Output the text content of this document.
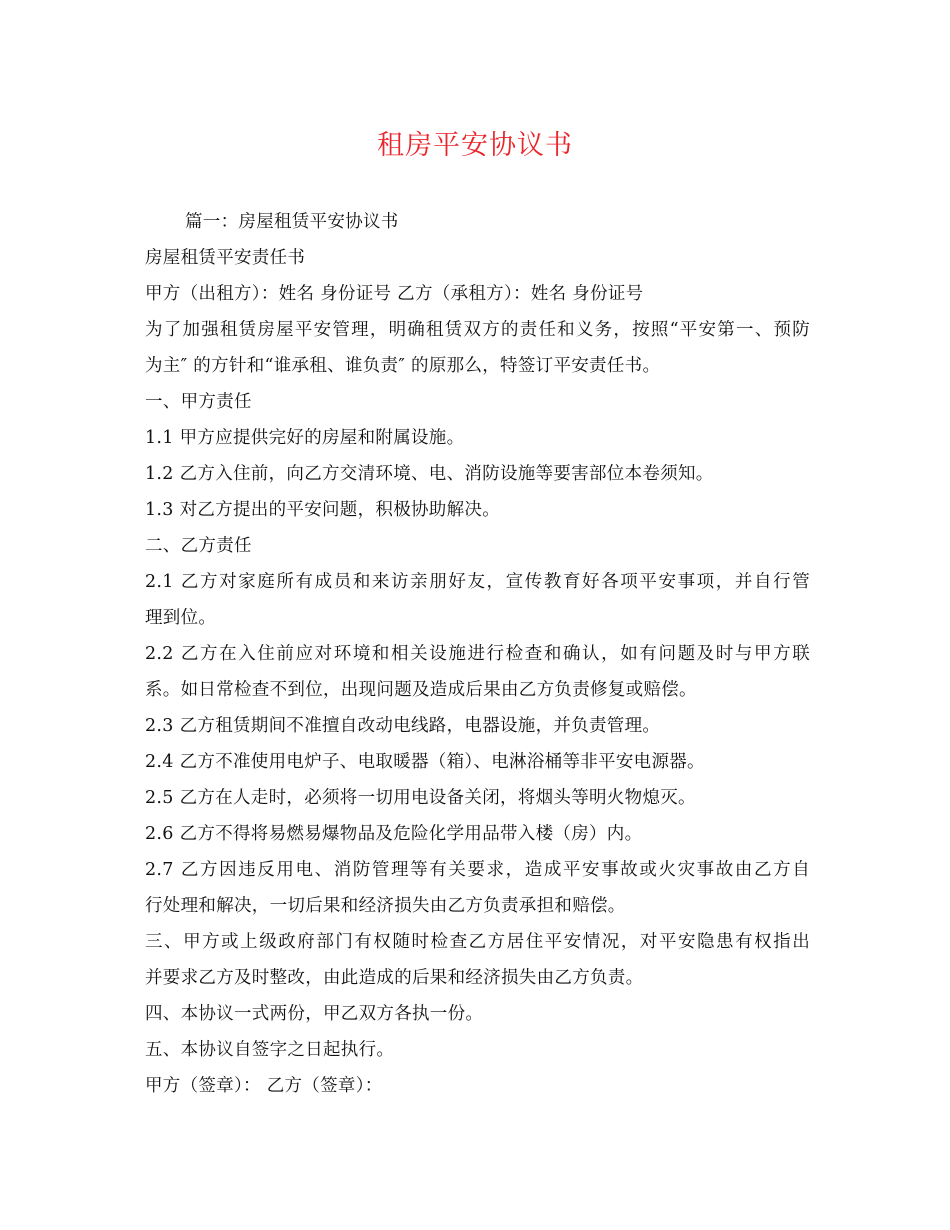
租房平安协议书
篇一：房屋租赁平安协议书
房屋租赁平安责任书
甲方（出租方）：姓名 身份证号 乙方（承租方）：姓名 身份证号
为了加强租赁房屋平安管理，明确租赁双方的责任和义务，按照“平安第一、预防
为主″ 的方针和“谁承租、谁负责″ 的原那么，特签订平安责任书。
一、甲方责任
1.1 甲方应提供完好的房屋和附属设施。
1.2 乙方入住前，向乙方交清环境、电、消防设施等要害部位本卷须知。
1.3 对乙方提出的平安问题，积极协助解决。
二、乙方责任
2.1 乙方对家庭所有成员和来访亲朋好友，宣传教育好各项平安事项，并自行管
理到位。
2.2 乙方在入住前应对环境和相关设施进行检查和确认，如有问题及时与甲方联
系。如日常检查不到位，出现问题及造成后果由乙方负责修复或赔偿。
2.3 乙方租赁期间不准擅自改动电线路，电器设施，并负责管理。
2.4 乙方不准使用电炉子、电取暖器（箱）、电淋浴桶等非平安电源器。
2.5 乙方在人走时，必须将一切用电设备关闭，将烟头等明火物熄灭。
2.6 乙方不得将易燃易爆物品及危险化学用品带入楼（房）内。
2.7 乙方因违反用电、消防管理等有关要求，造成平安事故或火灾事故由乙方自
行处理和解决，一切后果和经济损失由乙方负责承担和赔偿。
三、甲方或上级政府部门有权随时检查乙方居住平安情况，对平安隐患有权指出
并要求乙方及时整改，由此造成的后果和经济损失由乙方负责。
四、本协议一式两份，甲乙双方各执一份。
五、本协议自签字之日起执行。
甲方（签章）： 乙方（签章）：
